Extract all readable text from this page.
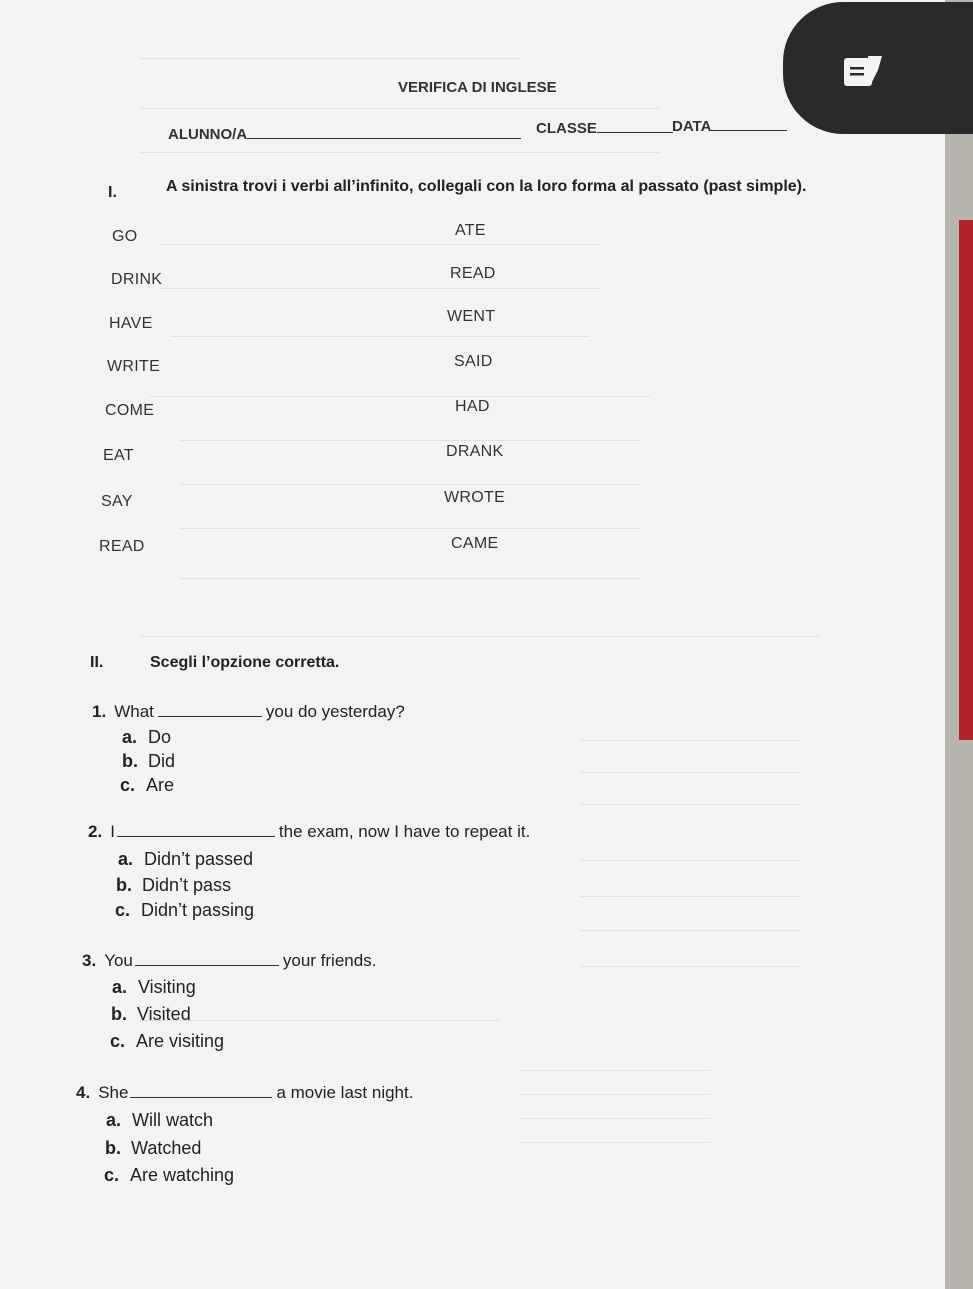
VERIFICA DI INGLESE
ALUNNO/A	CLASSE	DATA
I.	A sinistra trovi i verbi all’infinito, collegali con la loro forma al passato (past simple).
GO
DRINK
HAVE
WRITE
COME
EAT
SAY
READ
ATE
READ
WENT
SAID
HAD
DRANK
WROTE
CAME
II.	Scegli l’opzione corretta.
1. What	you do yesterday?
a. Do
b. Did
c. Are
2. I	the exam, now I have to repeat it.
a. Didn’t passed
b. Didn’t pass
c. Didn’t passing
3. You	your friends.
a. Visiting
b. Visited
c. Are visiting
4. She	a movie last night.
a. Will watch
b. Watched
c. Are watching
